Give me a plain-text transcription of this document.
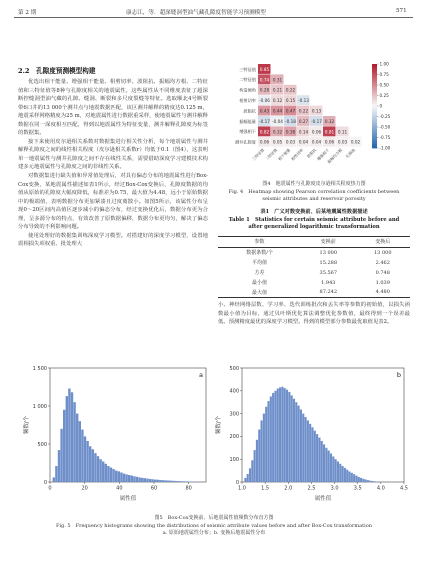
第 2 期	康志江，等．超深缝洞型油气藏孔隙度智能学习预测模型	571
2.2　孔隙度预测模型构建

优选出相干能量、增强相干能量、相剪切率、波阻抗、振幅均方根、二特征值和三特征值等8种与孔隙度相关的地震属性，这些属性从不同维度表征了超深断控缝洞型油气藏的孔隙、缝洞、断裂和多尺度裂缝等特征。选取顺北4号断裂带6口井的13 000个测井点与地震数据匹配，该区测井解释的精度达0.125 m，地震采样网格精度为25 m，对地震属性进行数据重采样，使地震属性与测井解释数据在同一深度相互匹配，得到以地震属性为特征变量，测井解释孔隙度为标签的数据集。

接下来使用皮尔逊相关系数对数据集进行相关性分析，每个地震属性与测井解释孔隙度之间的线性相关程度（皮尔逊相关系数r）均低于0.1（图4），这表明单一地震属性与测井孔隙度之间不存在线性关系，需要借助深度学习建模技术构建多元地震属性与孔隙度之间的非线性关系。

对数据集进行缺失值和异常值处理后，对具有偏态分布的地震属性进行Box-Cox变换，某地震属性描述如表1所示，经过Box-Cox变换后，孔隙度数据的均值从原始的孔隙度大幅度降低，标准差为0.75，最大值为4.48，远小于原始数据中的极端值，表明数据分布更加紧凑且过度离散小。如图5所示，该属性分布呈现0～20区间内高值区逐步减小的偏态分布，经过变换优化后，数据分布更为合理，呈多源分布的特点，有效改善了原数据偏移，数据分布更均匀，解决了偏态分布导致的不利影响问题。

使用处理好的数据集训练深度学习模型。对搭建好的深度学习模型，设置地震相损失项权重、批处理大

0.85
0.74 0.31
0.28 0.21 0.22
-0.06 0.12 0.15 -0.13
0.43 0.44 0.47 0.22 0.13
-0.17 -0.04 -0.18 0.27 -0.17 0.32
0.82 0.32 0.38 0.14 0.06 0.81 0.11
0.06 0.05 0.03 0.04 0.04 0.06 0.03 0.02
三特征值
二特征值
构造倾角
相剪切率
波阻抗
振幅能量
增强相干
测井孔隙度
三特征值
二特征值
相干能量
相剪切率 波阻抗
增强相干
振幅均方根 孔隙度
1.00
0.75
0.50
0.25
0
-0.25
-0.50
-0.75
-1.00
图4　地震属性与孔隙度皮尔逊相关程度热力图
Fig. 4　Heatmap showing Pearson correlation coefficients between
seismic attributes and reservoir porosity
表1　广义对数变换前、后某地震属性数据描述
Table 1　Statistics for certain seismic attribute before and
after generalized logarithmic transformation
参数	变换前	变换后
数据条数/个	13 000	13 000
平均值	15.288	2.462
方差	35.567	0.748
最小值	1.943	1.039
最大值	87.242	4.480

小、神经网络层数、学习率、迭代训练批次和丢失率等参数的初始值，以损失函数最小值为目标，通过贝叶斯优化算法调整优化参数值，最终得到一个误差最低、预测精度最优的深度学习模型。得到的模型部分参数最优取值见表2。

0	20	40	60	80
0
500
1 000
1 500
属性值
频数/个
a
1.0	1.5	2.0	2.5	3.0	3.5	4.0	4.5
0
100
200
300
400
500
属性值
频数/个
b
图5　Box-Cox变换前、后地震属性值频数分布直方图
Fig. 5　Frequency histograms showing the distributions of seismic attribute values before and after Box-Cox transformation
a. 原始地震属性分布；b. 变换后地震属性分布
